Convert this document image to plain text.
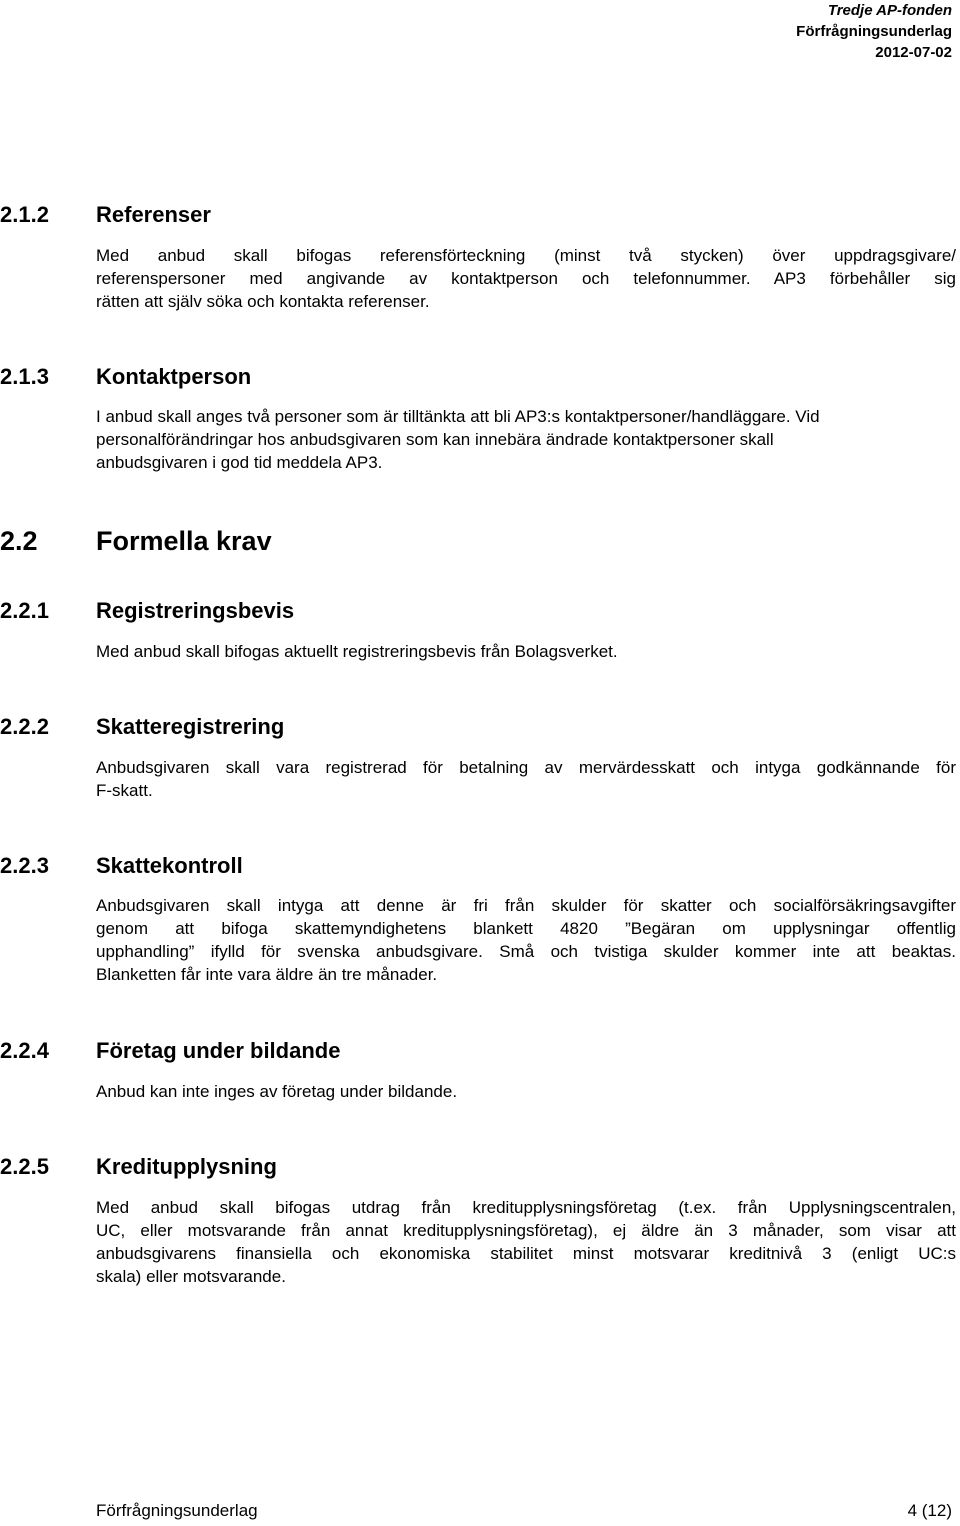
Tredje AP-fonden
Förfrågningsunderlag
2012-07-02
2.1.2 Referenser
Med anbud skall bifogas referensförteckning (minst två stycken) över uppdragsgivare/
referenspersoner med angivande av kontaktperson och telefonnummer. AP3 förbehåller sig
rätten att själv söka och kontakta referenser.
2.1.3 Kontaktperson
I anbud skall anges två personer som är tilltänkta att bli AP3:s kontaktpersoner/handläggare. Vid
personalförändringar hos anbudsgivaren som kan innebära ändrade kontaktpersoner skall
anbudsgivaren i god tid meddela AP3.
2.2 Formella krav
2.2.1 Registreringsbevis
Med anbud skall bifogas aktuellt registreringsbevis från Bolagsverket.
2.2.2 Skatteregistrering
Anbudsgivaren skall vara registrerad för betalning av mervärdesskatt och intyga godkännande för
F-skatt.
2.2.3 Skattekontroll
Anbudsgivaren skall intyga att denne är fri från skulder för skatter och socialförsäkringsavgifter
genom att bifoga skattemyndighetens blankett 4820 ”Begäran om upplysningar offentlig
upphandling” ifylld för svenska anbudsgivare. Små och tvistiga skulder kommer inte att beaktas.
Blanketten får inte vara äldre än tre månader.
2.2.4 Företag under bildande
Anbud kan inte inges av företag under bildande.
2.2.5 Kreditupplysning
Med anbud skall bifogas utdrag från kreditupplysningsföretag (t.ex. från Upplysningscentralen,
UC, eller motsvarande från annat kreditupplysningsföretag), ej äldre än 3 månader, som visar att
anbudsgivarens finansiella och ekonomiska stabilitet minst motsvarar kreditnivå 3 (enligt UC:s
skala) eller motsvarande.
Förfrågningsunderlag	4 (12)
